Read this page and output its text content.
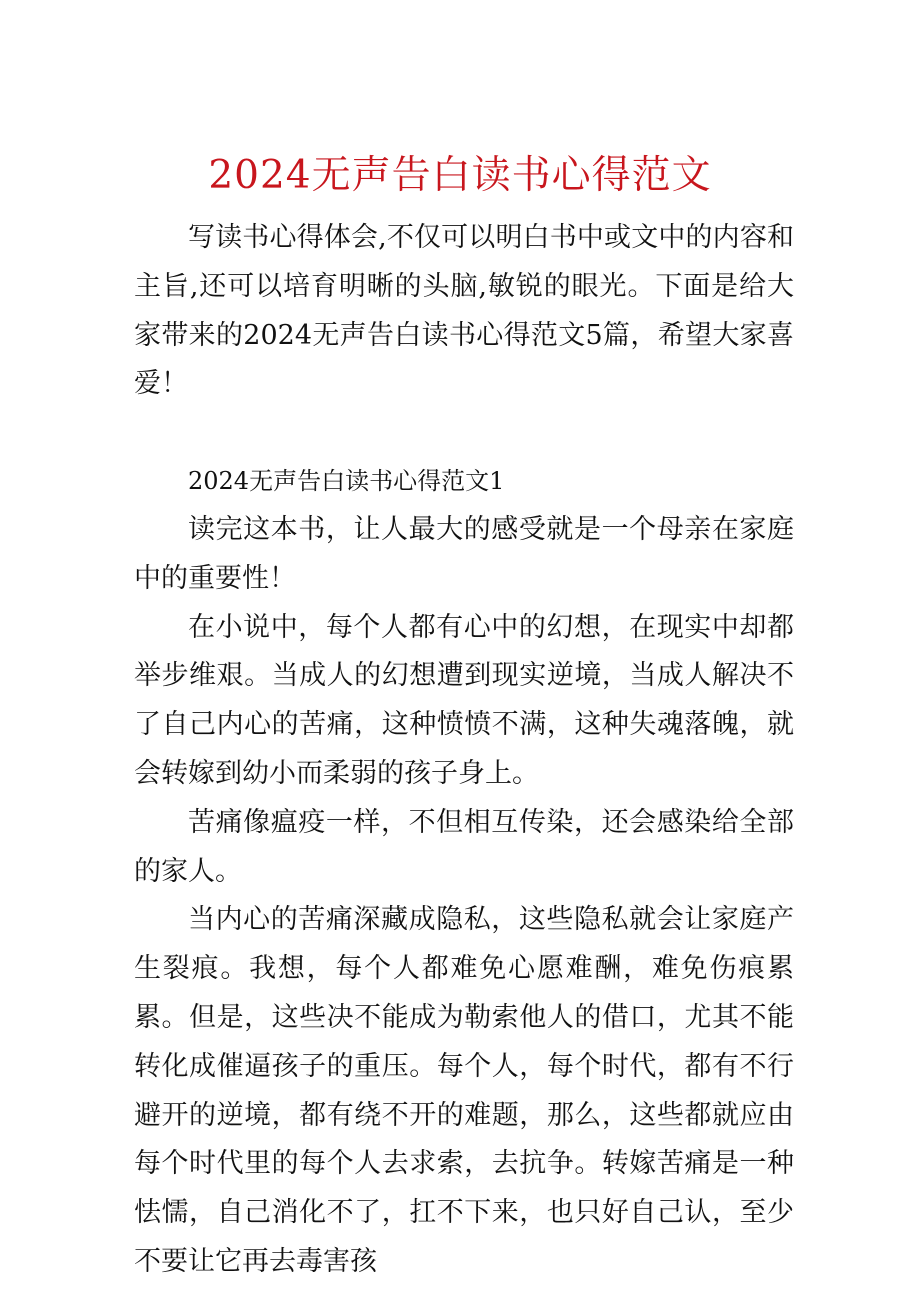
2024无声告白读书心得范文

写读书心得体会,不仅可以明白书中或文中的内容和主旨,还可以培育明晰的头脑,敏锐的眼光。下面是给大家带来的2024无声告白读书心得范文5篇，希望大家喜爱！

2024无声告白读书心得范文1

读完这本书，让人最大的感受就是一个母亲在家庭中的重要性！

在小说中，每个人都有心中的幻想，在现实中却都举步维艰。当成人的幻想遭到现实逆境，当成人解决不了自己内心的苦痛，这种愤愤不满，这种失魂落魄，就会转嫁到幼小而柔弱的孩子身上。

苦痛像瘟疫一样，不但相互传染，还会感染给全部的家人。

当内心的苦痛深藏成隐私，这些隐私就会让家庭产生裂痕。我想，每个人都难免心愿难酬，难免伤痕累累。但是，这些决不能成为勒索他人的借口，尤其不能转化成催逼孩子的重压。每个人，每个时代，都有不行避开的逆境，都有绕不开的难题，那么，这些都就应由每个时代里的每个人去求索，去抗争。转嫁苦痛是一种怯懦，自己消化不了，扛不下来，也只好自己认，至少不要让它再去毒害孩
